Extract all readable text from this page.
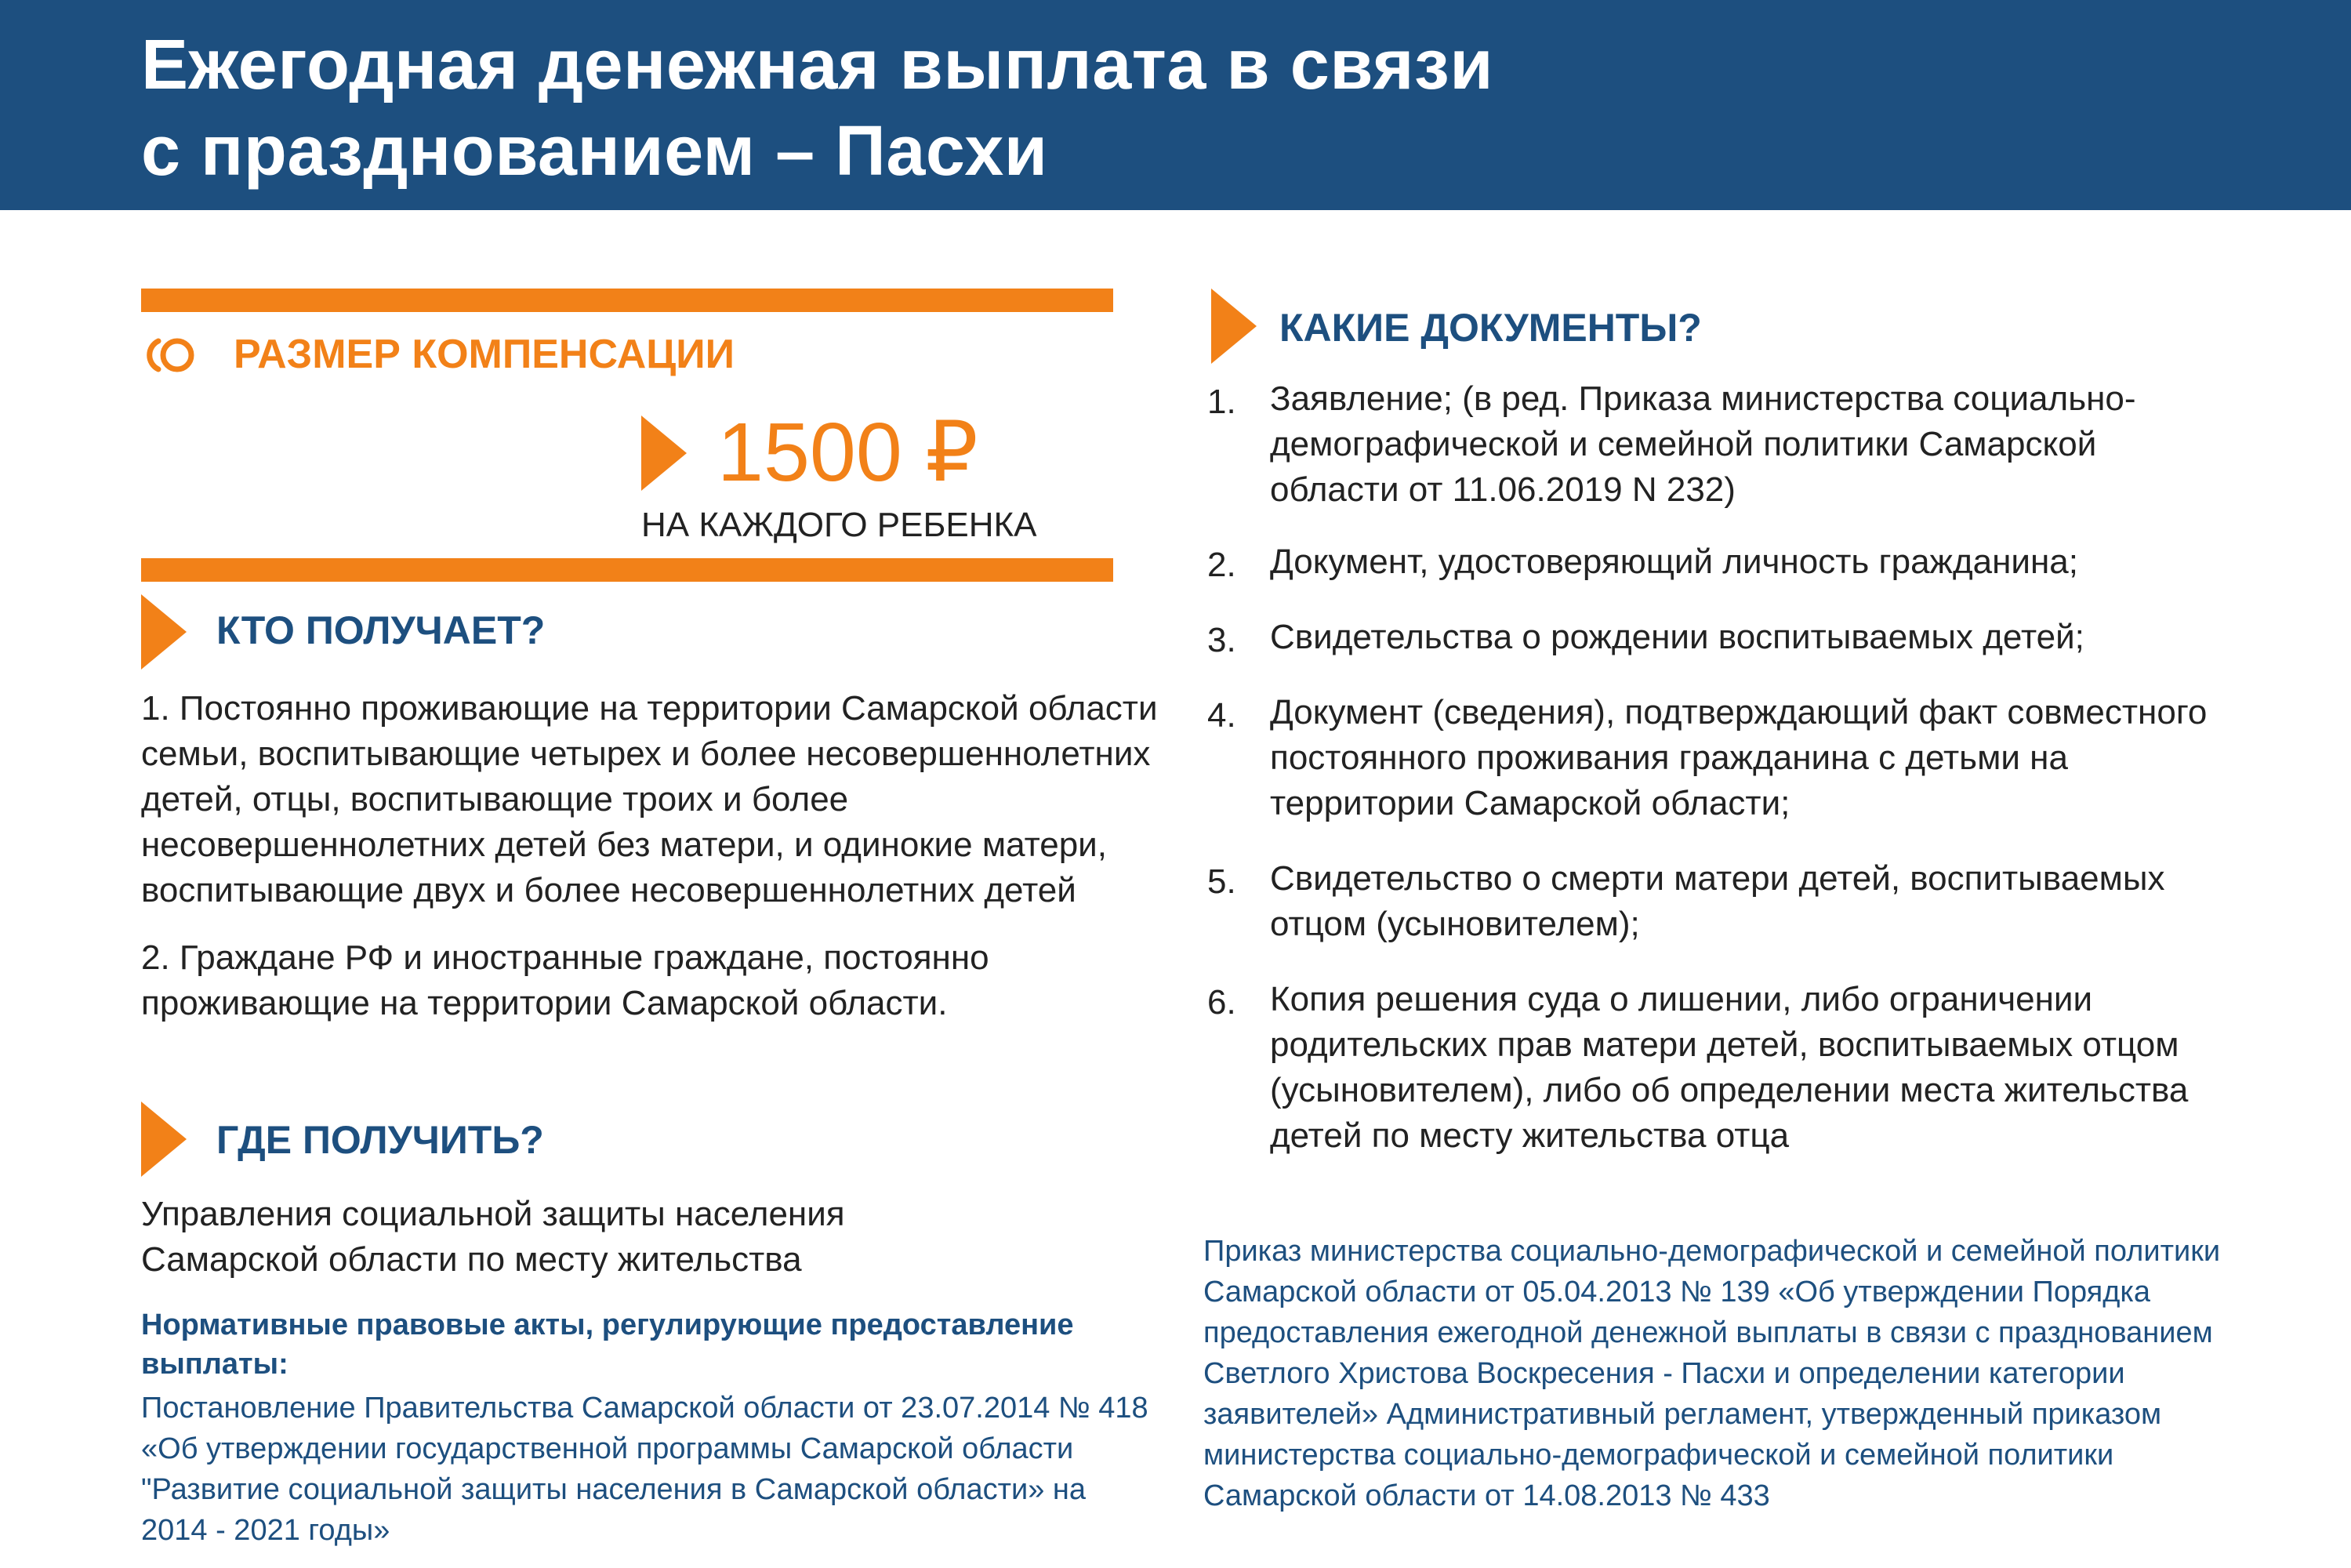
Ежегодная денежная выплата в связи
с празднованием – Пасхи
РАЗМЕР КОМПЕНСАЦИИ
1500 ₽
НА КАЖДОГО РЕБЕНКА
КТО ПОЛУЧАЕТ?

1. Постоянно проживающие на территории Самарской области семьи, воспитывающие четырех и более несовершеннолетних детей, отцы, воспитывающие троих и более несовершеннолетних детей без матери, и одинокие матери, воспитывающие двух и более несовершеннолетних детей

2. Граждане РФ и иностранные граждане, постоянно проживающие на территории Самарской области.

ГДЕ ПОЛУЧИТЬ?
Управления социальной защиты населения Самарской области по месту жительства
Нормативные правовые акты, регулирующие предоставление выплаты:
Постановление Правительства Самарской области от 23.07.2014 № 418 «Об утверждении государственной программы Самарской области "Развитие социальной защиты населения в Самарской области» на 2014 - 2021 годы»
КАКИЕ ДОКУМЕНТЫ?
1. Заявление; (в ред. Приказа министерства социально-демографической и семейной политики Самарской области от 11.06.2019 N 232)
2. Документ, удостоверяющий личность гражданина;
3. Свидетельства о рождении воспитываемых детей;
4. Документ (сведения), подтверждающий факт совместного постоянного проживания гражданина с детьми на территории Самарской области;
5. Свидетельство о смерти матери детей, воспитываемых отцом (усыновителем);
6. Копия решения суда о лишении, либо ограничении родительских прав матери детей, воспитываемых отцом (усыновителем), либо об определении места жительства детей по месту жительства отца
Приказ министерства социально-демографической и семейной политики Самарской области от 05.04.2013 № 139 «Об утверждении Порядка предоставления ежегодной денежной выплаты в связи с празднованием Светлого Христова Воскресения - Пасхи и определении категории заявителей» Административный регламент, утвержденный приказом министерства социально-демографической и семейной политики Самарской области от 14.08.2013 № 433
